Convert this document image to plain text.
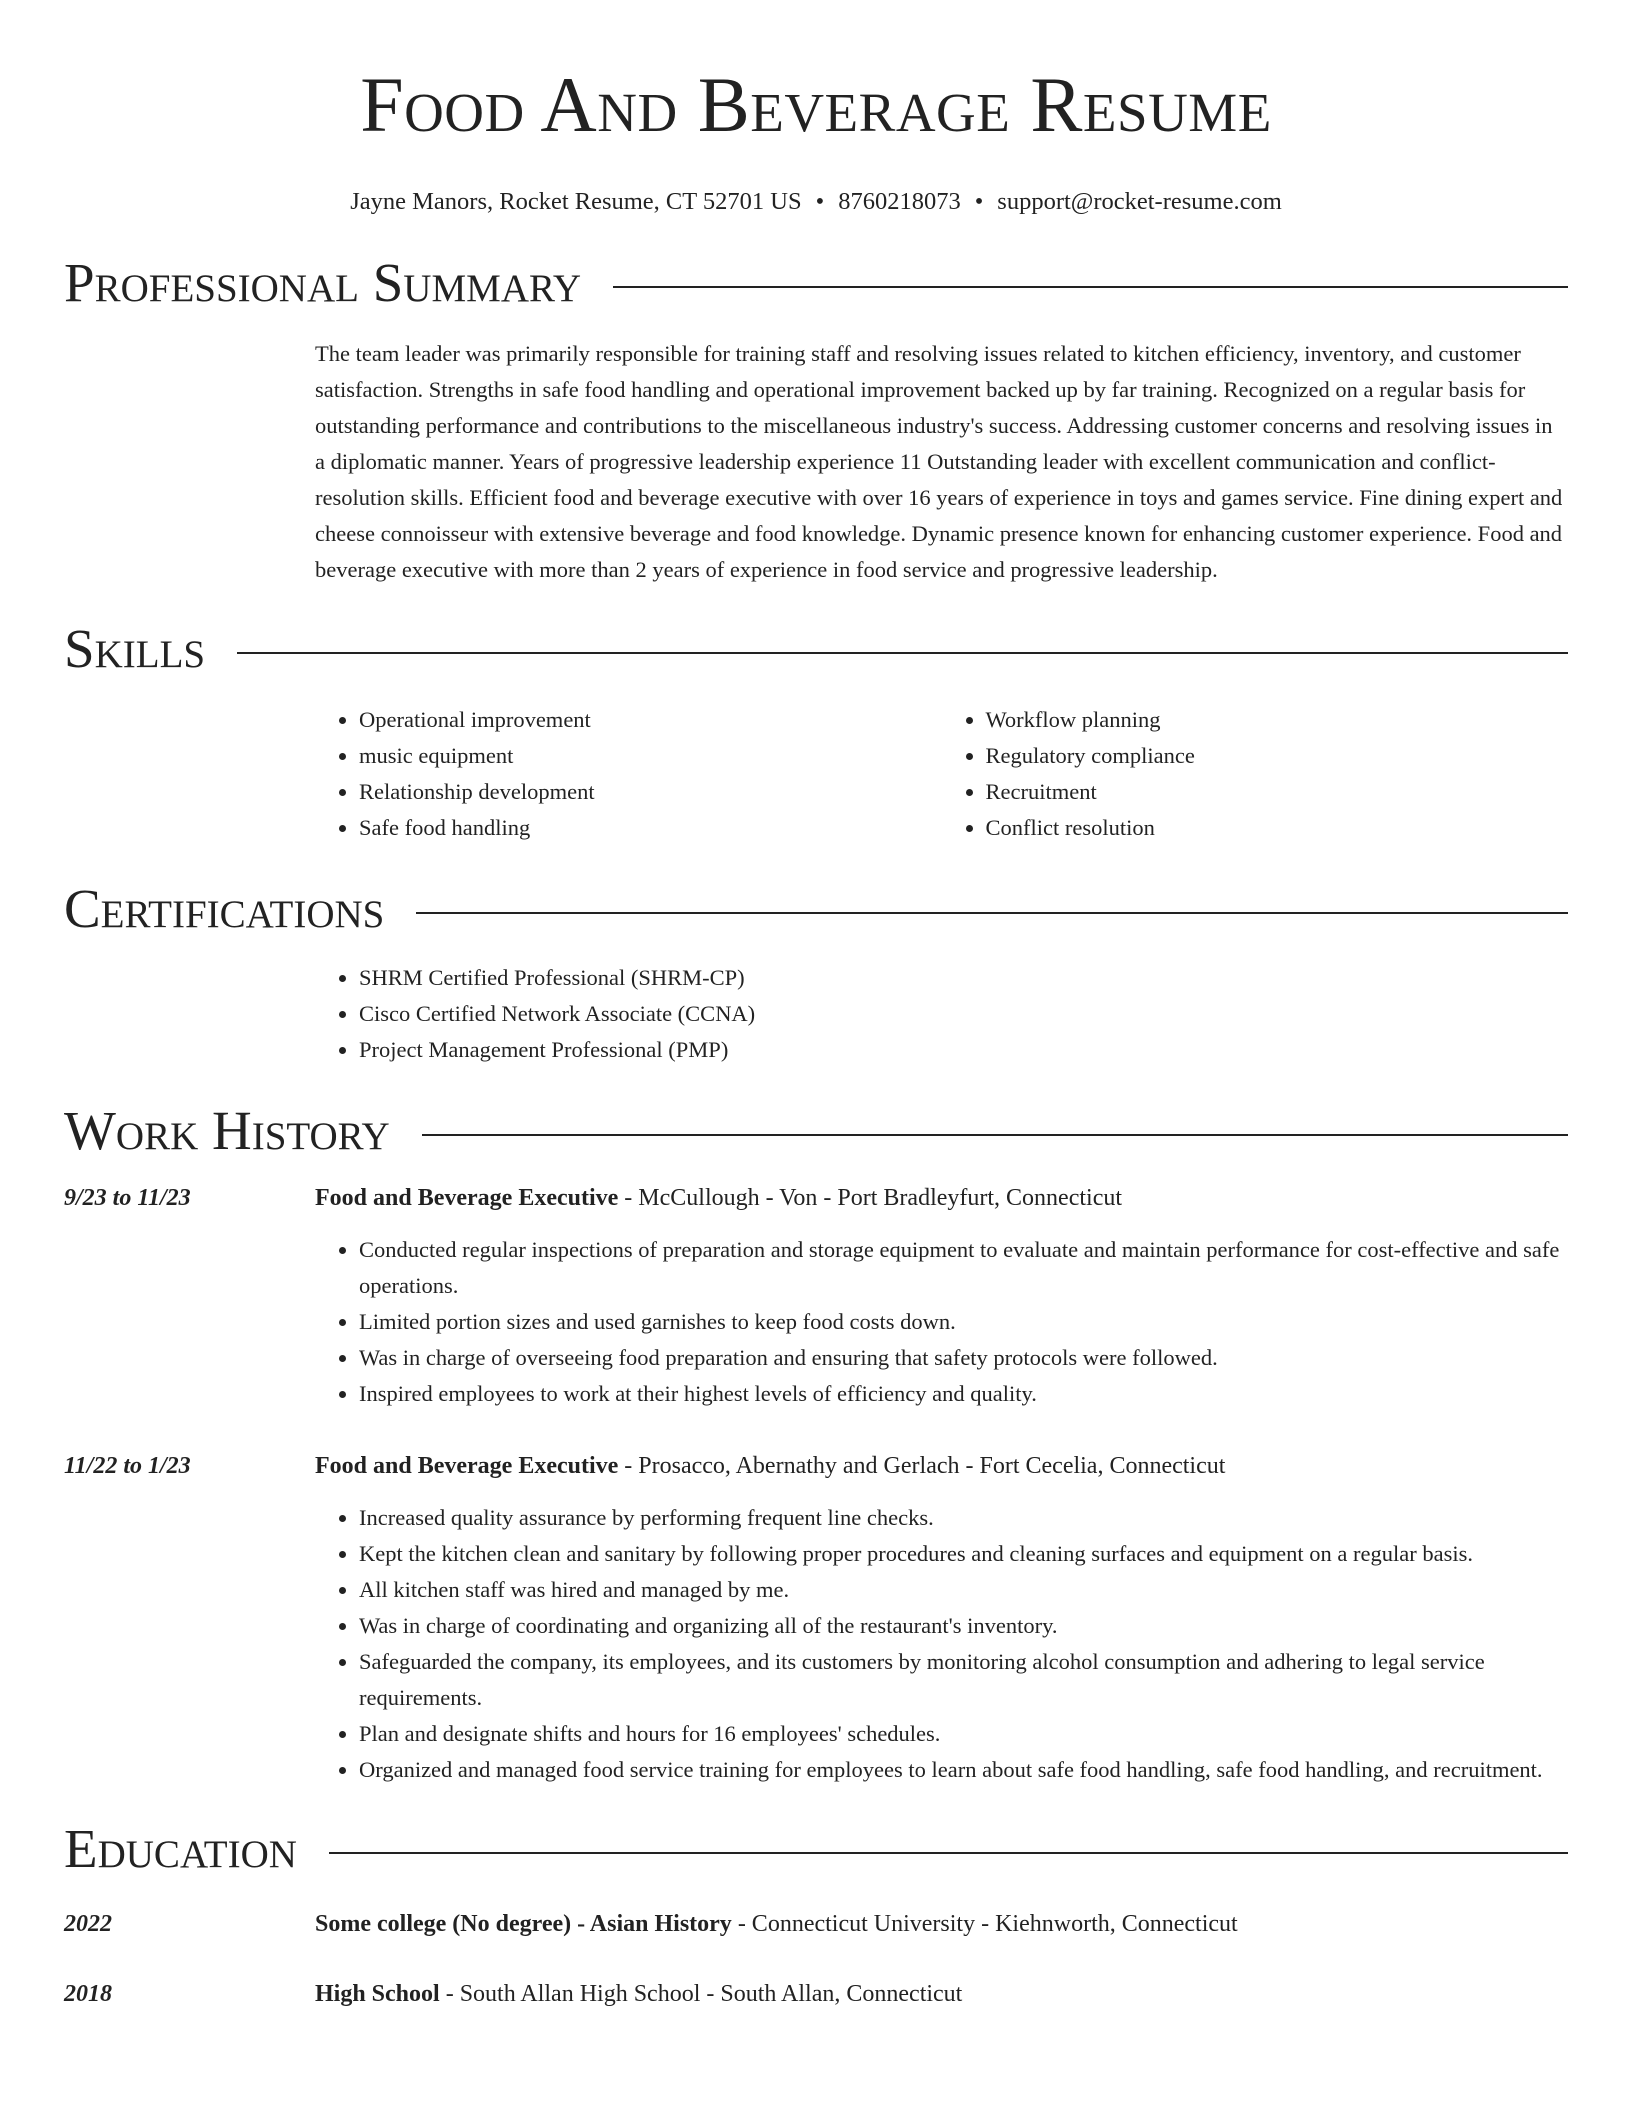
Food And Beverage Resume
Jayne Manors, Rocket Resume, CT 52701 US • 8760218073 • support@rocket-resume.com
Professional Summary
The team leader was primarily responsible for training staff and resolving issues related to kitchen efficiency, inventory, and customer satisfaction. Strengths in safe food handling and operational improvement backed up by far training. Recognized on a regular basis for outstanding performance and contributions to the miscellaneous industry's success. Addressing customer concerns and resolving issues in a diplomatic manner. Years of progressive leadership experience 11 Outstanding leader with excellent communication and conflict-resolution skills. Efficient food and beverage executive with over 16 years of experience in toys and games service. Fine dining expert and cheese connoisseur with extensive beverage and food knowledge. Dynamic presence known for enhancing customer experience. Food and beverage executive with more than 2 years of experience in food service and progressive leadership.
Skills
• Operational improvement
• music equipment
• Relationship development
• Safe food handling
• Workflow planning
• Regulatory compliance
• Recruitment
• Conflict resolution
Certifications
• SHRM Certified Professional (SHRM-CP)
• Cisco Certified Network Associate (CCNA)
• Project Management Professional (PMP)
Work History
9/23 to 11/23	Food and Beverage Executive - McCullough - Von - Port Bradleyfurt, Connecticut
• Conducted regular inspections of preparation and storage equipment to evaluate and maintain performance for cost-effective and safe operations.
• Limited portion sizes and used garnishes to keep food costs down.
• Was in charge of overseeing food preparation and ensuring that safety protocols were followed.
• Inspired employees to work at their highest levels of efficiency and quality.
11/22 to 1/23	Food and Beverage Executive - Prosacco, Abernathy and Gerlach - Fort Cecelia, Connecticut
• Increased quality assurance by performing frequent line checks.
• Kept the kitchen clean and sanitary by following proper procedures and cleaning surfaces and equipment on a regular basis.
• All kitchen staff was hired and managed by me.
• Was in charge of coordinating and organizing all of the restaurant's inventory.
• Safeguarded the company, its employees, and its customers by monitoring alcohol consumption and adhering to legal service requirements.
• Plan and designate shifts and hours for 16 employees' schedules.
• Organized and managed food service training for employees to learn about safe food handling, safe food handling, and recruitment.
Education
2022	Some college (No degree) - Asian History - Connecticut University - Kiehnworth, Connecticut
2018	High School - South Allan High School - South Allan, Connecticut
